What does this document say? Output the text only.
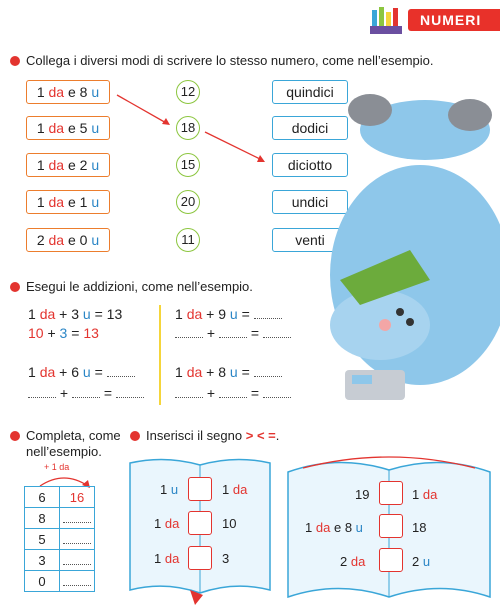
NUMERI
Collega i diversi modi di scrivere lo stesso numero, come nell’esempio.
1 da e 8 u
1 da e 5 u
1 da e 2 u
1 da e 1 u
2 da e 0 u
12
18
15
20
11
quindici
dodici
diciotto
undici
venti
Esegui le addizioni, come nell’esempio.
1 da + 3 u = 13
10 + 3 = 13
1 da + 9 u =
+	=
1 da + 6 u =
+	=
1 da + 8 u =
+	=
Completa, come
nell’esempio.
+ 1 da
6	16
8	
5	
3	
0	
Inserisci il segno > < =.
1 u	1 da
1 da	10
1 da	3
19	1 da
1 da e 8 u	18
2 da	2 u
